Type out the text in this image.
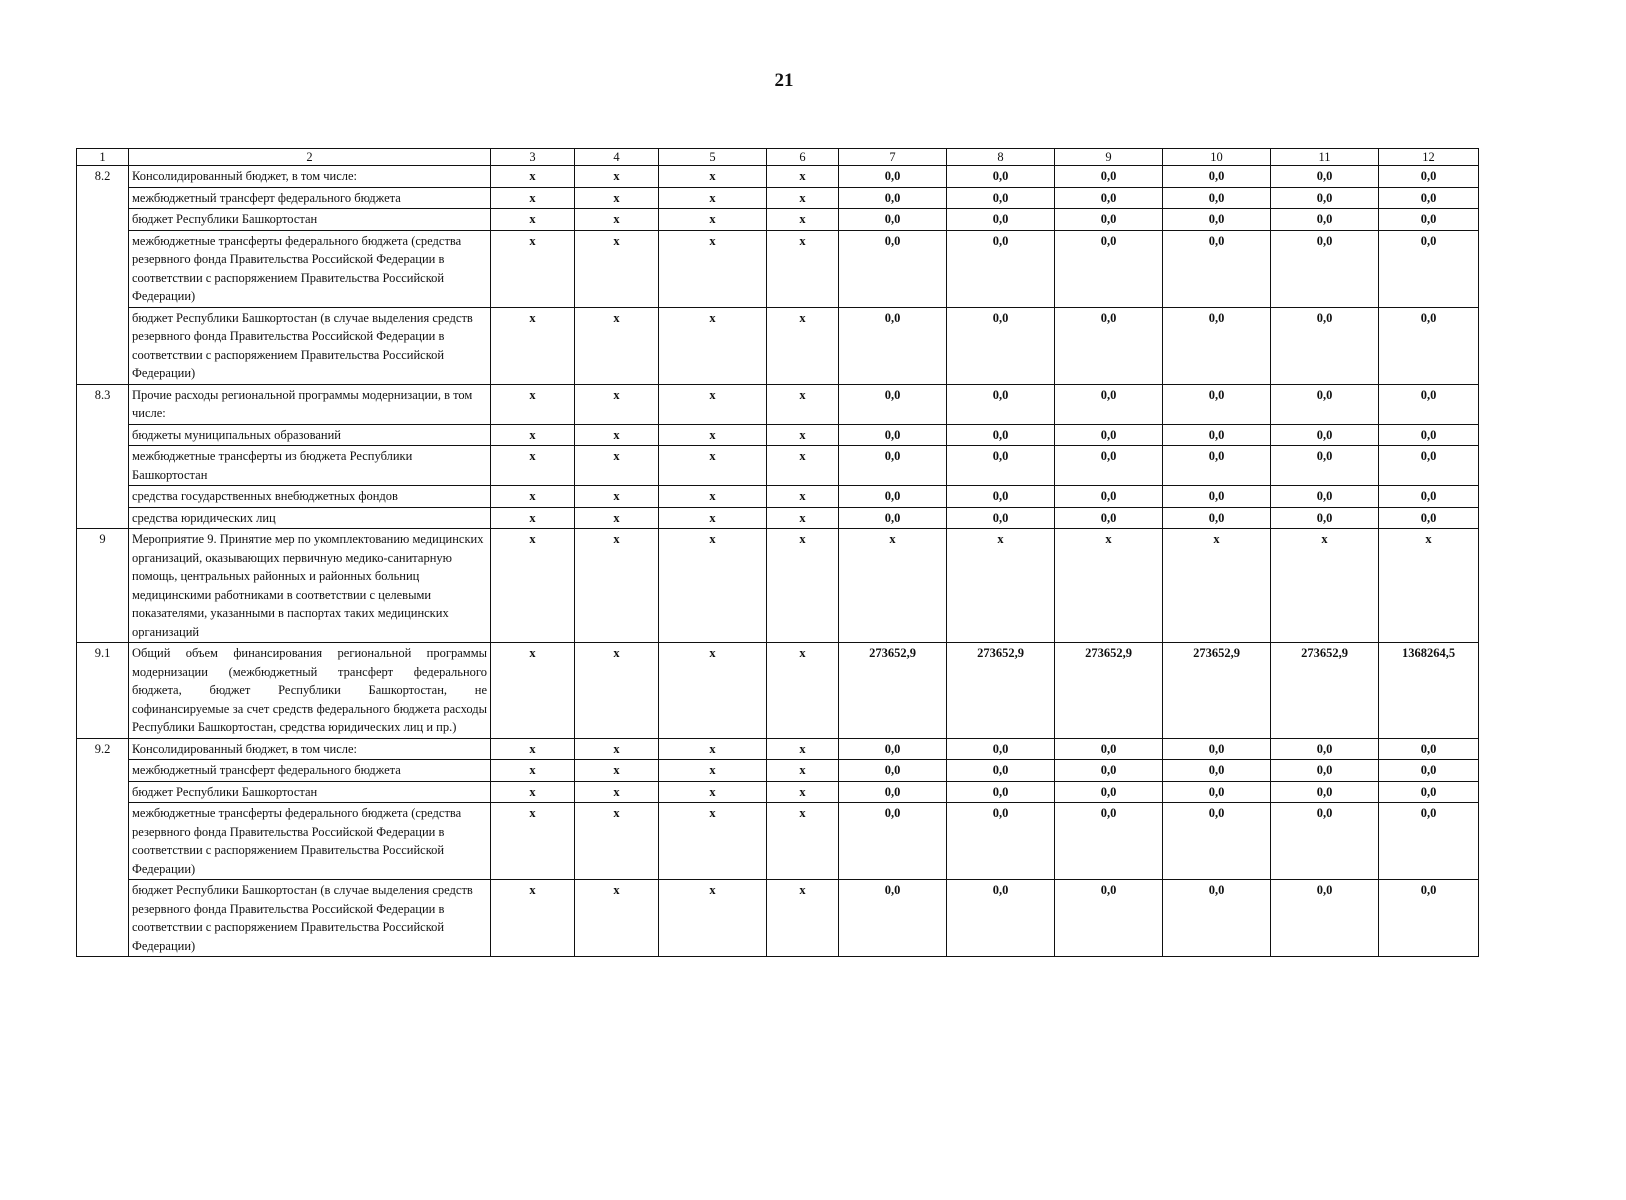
21
1	2	3	4	5	6	7	8	9	10	11	12
8.2	Консолидированный бюджет, в том числе:	x	x	x	x	0,0	0,0	0,0	0,0	0,0	0,0
	межбюджетный трансферт федерального бюджета	x	x	x	x	0,0	0,0	0,0	0,0	0,0	0,0
	бюджет Республики Башкортостан	x	x	x	x	0,0	0,0	0,0	0,0	0,0	0,0
	межбюджетные трансферты федерального бюджета (средства резервного фонда Правительства Российской Федерации в соответствии с распоряжением Правительства Российской Федерации)	x	x	x	x	0,0	0,0	0,0	0,0	0,0	0,0
	бюджет Республики Башкортостан (в случае выделения средств резервного фонда Правительства Российской Федерации в соответствии с распоряжением Правительства Российской Федерации)	x	x	x	x	0,0	0,0	0,0	0,0	0,0	0,0
8.3	Прочие расходы региональной программы модернизации, в том числе:	x	x	x	x	0,0	0,0	0,0	0,0	0,0	0,0
	бюджеты муниципальных образований	x	x	x	x	0,0	0,0	0,0	0,0	0,0	0,0
	межбюджетные трансферты из бюджета Республики Башкортостан	x	x	x	x	0,0	0,0	0,0	0,0	0,0	0,0
	средства государственных внебюджетных фондов	x	x	x	x	0,0	0,0	0,0	0,0	0,0	0,0
	средства юридических лиц	x	x	x	x	0,0	0,0	0,0	0,0	0,0	0,0
9	Мероприятие 9. Принятие мер по укомплектованию медицинских организаций, оказывающих первичную медико-санитарную помощь, центральных районных и районных больниц медицинскими работниками в соответствии с целевыми показателями, указанными в паспортах таких медицинских организаций	x	x	x	x	x	x	x	x	x	x
9.1	Общий объем финансирования региональной программы модернизации (межбюджетный трансферт федерального бюджета, бюджет Республики Башкортостан, не софинансируемые за счет средств федерального бюджета расходы Республики Башкортостан, средства юридических лиц и пр.)	x	x	x	x	273652,9	273652,9	273652,9	273652,9	273652,9	1368264,5
9.2	Консолидированный бюджет, в том числе:	x	x	x	x	0,0	0,0	0,0	0,0	0,0	0,0
	межбюджетный трансферт федерального бюджета	x	x	x	x	0,0	0,0	0,0	0,0	0,0	0,0
	бюджет Республики Башкортостан	x	x	x	x	0,0	0,0	0,0	0,0	0,0	0,0
	межбюджетные трансферты федерального бюджета (средства резервного фонда Правительства Российской Федерации в соответствии с распоряжением Правительства Российской Федерации)	x	x	x	x	0,0	0,0	0,0	0,0	0,0	0,0
	бюджет Республики Башкортостан (в случае выделения средств резервного фонда Правительства Российской Федерации в соответствии с распоряжением Правительства Российской Федерации)	x	x	x	x	0,0	0,0	0,0	0,0	0,0	0,0
